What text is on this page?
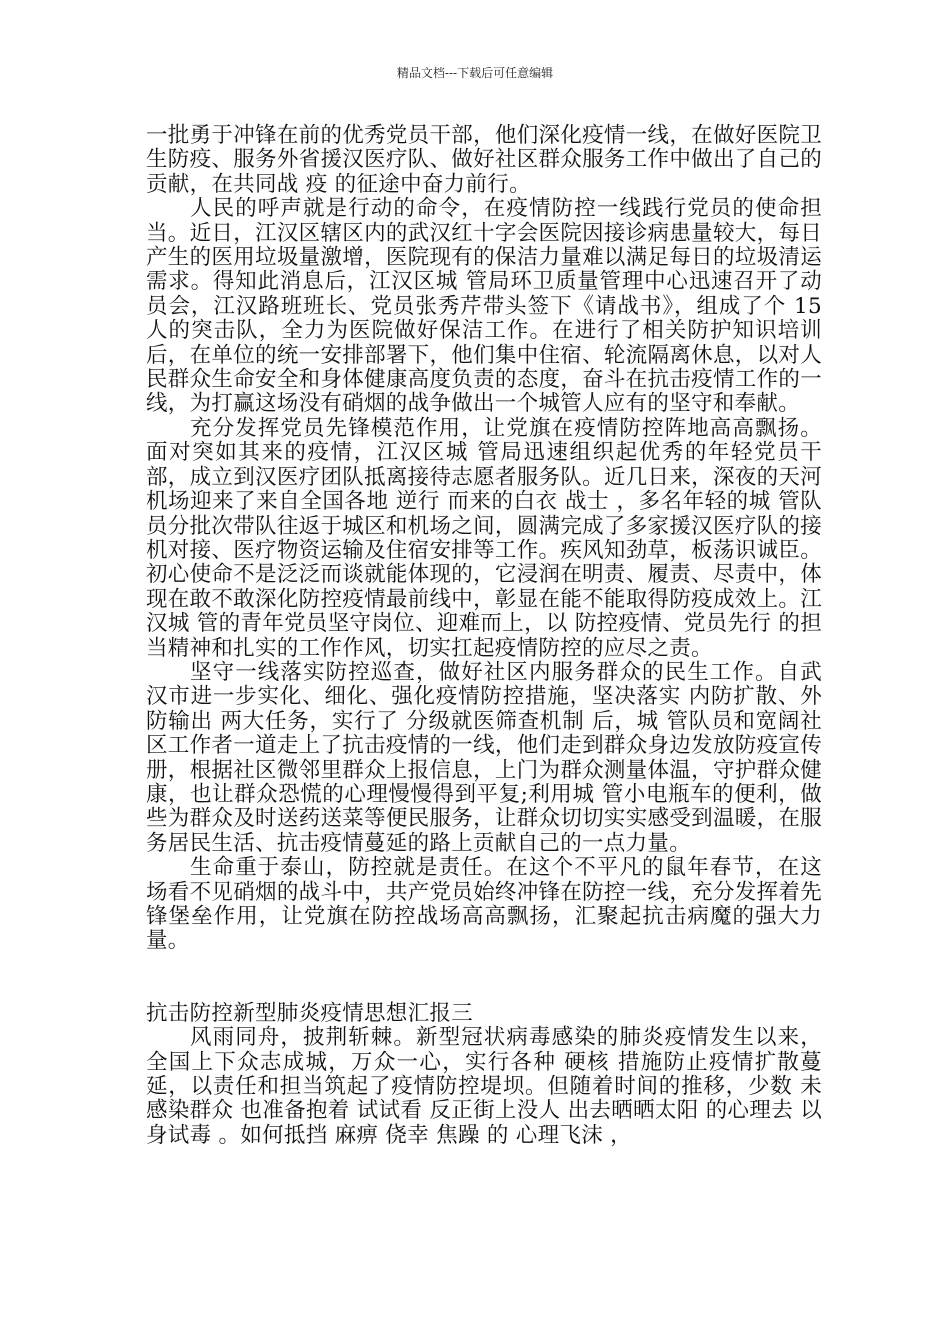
精品文档---下载后可任意编辑

一批勇于冲锋在前的优秀党员干部，他们深化疫情一线，在做好医院卫生防疫、服务外省援汉医疗队、做好社区群众服务工作中做出了自己的贡献，在共同战 疫 的征途中奋力前行。

人民的呼声就是行动的命令，在疫情防控一线践行党员的使命担当。近日，江汉区辖区内的武汉红十字会医院因接诊病患量较大，每日产生的医用垃圾量激增，医院现有的保洁力量难以满足每日的垃圾清运需求。得知此消息后，江汉区城 管局环卫质量管理中心迅速召开了动员会，江汉路班班长、党员张秀芹带头签下《请战书》，组成了个 15 人的突击队，全力为医院做好保洁工作。在进行了相关防护知识培训后，在单位的统一安排部署下，他们集中住宿、轮流隔离休息，以对人民群众生命安全和身体健康高度负责的态度，奋斗在抗击疫情工作的一线，为打赢这场没有硝烟的战争做出一个城管人应有的坚守和奉献。

充分发挥党员先锋模范作用，让党旗在疫情防控阵地高高飘扬。面对突如其来的疫情，江汉区城 管局迅速组织起优秀的年轻党员干部，成立到汉医疗团队抵离接待志愿者服务队。近几日来，深夜的天河机场迎来了来自全国各地 逆行 而来的白衣 战士 ，多名年轻的城 管队员分批次带队往返于城区和机场之间，圆满完成了多家援汉医疗队的接机对接、医疗物资运输及住宿安排等工作。疾风知劲草，板荡识诚臣。初心使命不是泛泛而谈就能体现的，它浸润在明责、履责、尽责中，体现在敢不敢深化防控疫情最前线中，彰显在能不能取得防疫成效上。江汉城 管的青年党员坚守岗位、迎难而上，以 防控疫情、党员先行 的担当精神和扎实的工作作风，切实扛起疫情防控的应尽之责。

坚守一线落实防控巡查，做好社区内服务群众的民生工作。自武汉市进一步实化、细化、强化疫情防控措施，坚决落实 内防扩散、外防输出 两大任务，实行了 分级就医筛查机制 后，城 管队员和宽阔社区工作者一道走上了抗击疫情的一线，他们走到群众身边发放防疫宣传册，根据社区微邻里群众上报信息，上门为群众测量体温，守护群众健康，也让群众恐慌的心理慢慢得到平复;利用城 管小电瓶车的便利，做些为群众及时送药送菜等便民服务，让群众切切实实感受到温暖，在服务居民生活、抗击疫情蔓延的路上贡献自己的一点力量。

生命重于泰山，防控就是责任。在这个不平凡的鼠年春节，在这场看不见硝烟的战斗中，共产党员始终冲锋在防控一线，充分发挥着先锋堡垒作用，让党旗在防控战场高高飘扬，汇聚起抗击病魔的强大力量。

抗击防控新型肺炎疫情思想汇报三

风雨同舟，披荆斩棘。新型冠状病毒感染的肺炎疫情发生以来，全国上下众志成城，万众一心，实行各种 硬核 措施防止疫情扩散蔓延，以责任和担当筑起了疫情防控堤坝。但随着时间的推移，少数 未感染群众 也准备抱着 试试看 反正街上没人 出去晒晒太阳 的心理去 以身试毒 。如何抵挡 麻痹 侥幸 焦躁 的 心理飞沫 ，
